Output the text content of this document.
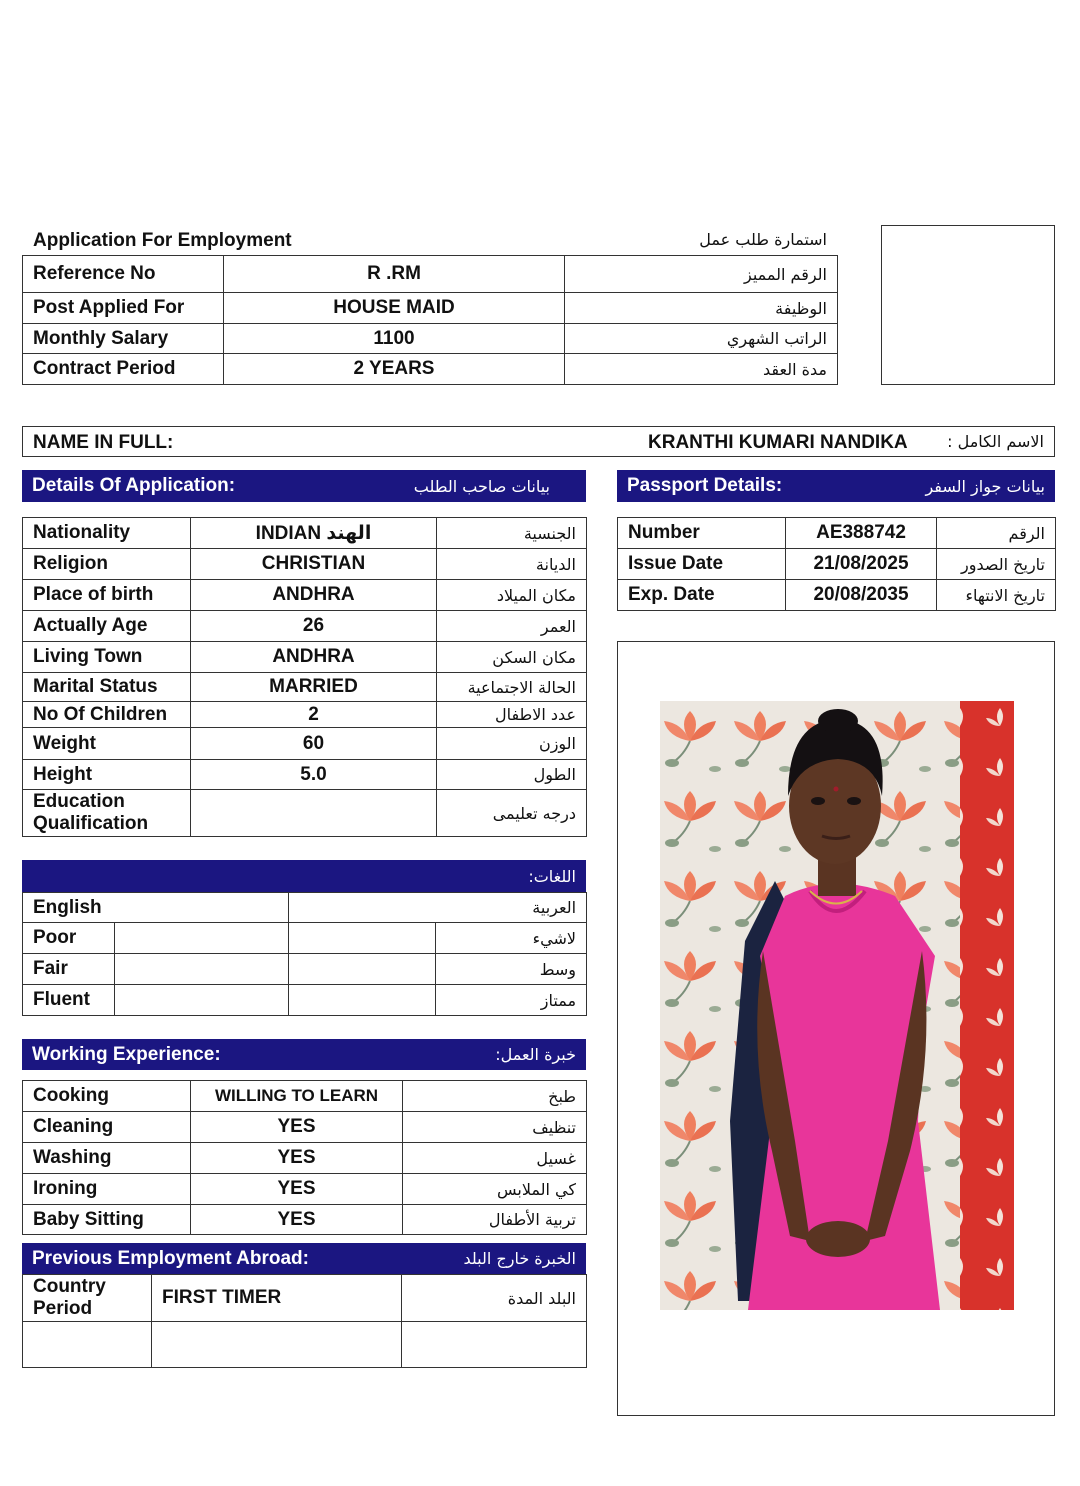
Application For Employment	استمارة طلب عمل
Reference No	R .RM	الرقم المميز
Post Applied For	HOUSE MAID	الوظيفة
Monthly Salary	1100	الراتب الشهري
Contract Period	2 YEARS	مدة العقد
NAME IN FULL:	KRANTHI KUMARI NANDIKA الاسم الكامل :
Details Of Application:	بيانات صاحب الطلب	Passport Details:	بيانات جواز السفر
Nationality	INDIAN الهند	الجنسية
Religion	CHRISTIAN	الديانة
Place of birth	ANDHRA	مكان الميلاد
Actually Age	26	العمر
Living Town	ANDHRA	مكان السكن
Marital Status	MARRIED	الحالة الاجتماعية
No Of Children	2	عدد الاطفال
Weight	60	الوزن
Height	5.0	الطول
Education
Qualification		درجه تعليمى
Number	AE388742	الرقم
Issue Date	21/08/2025	تاريخ الصدور
Exp. Date	20/08/2035	تاريخ الانتهاء
اللغات:
English		العربية	
Poor			لاشيء
Fair			وسط
Fluent			ممتاز
Working Experience:	خبرة العمل:
Cooking	WILLING TO LEARN	طبخ
Cleaning	YES	تنظيف
Washing	YES	غسيل
Ironing	YES	كي الملابس
Baby Sitting	YES	تربية الأطفال
Previous Employment Abroad:	الخبرة خارج البلد
Country
Period	FIRST TIMER	البلد المدة
